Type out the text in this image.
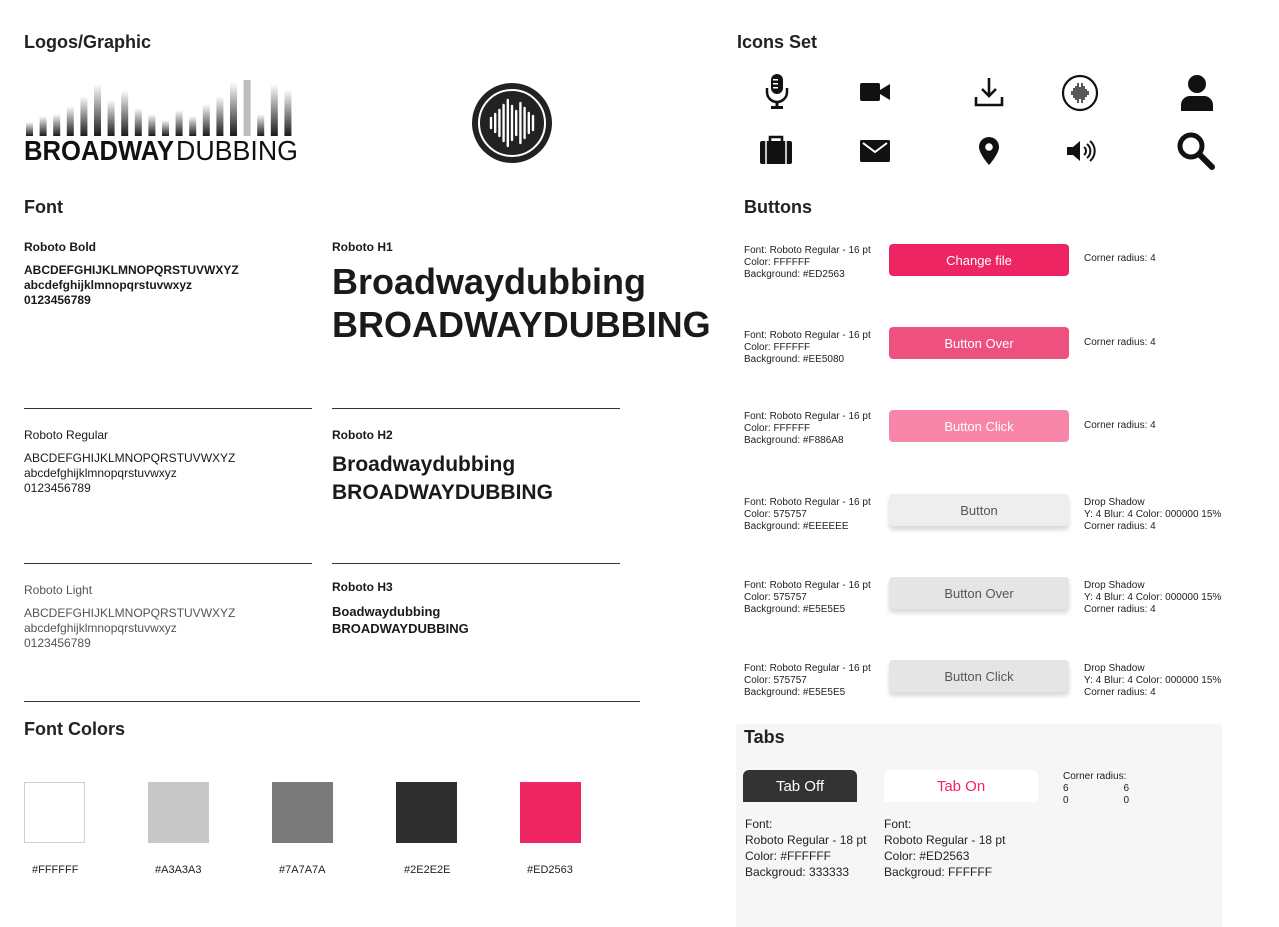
Logos/Graphic
BROADWAY DUBBING
Icons Set
Font
Roboto Bold
ABCDEFGHIJKLMNOPQRSTUVWXYZ
abcdefghijklmnopqrstuvwxyz
0123456789
Roboto H1
Broadwaydubbing
BROADWAYDUBBING
Roboto Regular
ABCDEFGHIJKLMNOPQRSTUVWXYZ
abcdefghijklmnopqrstuvwxyz
0123456789
Roboto H2
Broadwaydubbing
BROADWAYDUBBING
Roboto Light
ABCDEFGHIJKLMNOPQRSTUVWXYZ
abcdefghijklmnopqrstuvwxyz
0123456789
Roboto H3
Boadwaydubbing
BROADWAYDUBBING
Font Colors
#FFFFFF	#A3A3A3	#7A7A7A	#2E2E2E	#ED2563
Buttons
Font: Roboto Regular - 16 pt
Color: FFFFFF
Background: #ED2563
Change file	Corner radius: 4
Font: Roboto Regular - 16 pt
Color: FFFFFF
Background: #EE5080
Button Over	Corner radius: 4
Font: Roboto Regular - 16 pt
Color: FFFFFF
Background: #F886A8
Button Click	Corner radius: 4
Font: Roboto Regular - 16 pt
Color: 575757
Background: #EEEEEE
Button	Drop Shadow
Y: 4 Blur: 4 Color: 000000 15%
Corner radius: 4
Font: Roboto Regular - 16 pt
Color: 575757
Background: #E5E5E5
Button Over	Drop Shadow
Y: 4 Blur: 4 Color: 000000 15%
Corner radius: 4
Font: Roboto Regular - 16 pt
Color: 575757
Background: #E5E5E5
Button Click	Drop Shadow
Y: 4 Blur: 4 Color: 000000 15%
Corner radius: 4
Tabs
Tab Off	Tab On
Corner radius:
6	6
0	0
Font:
Roboto Regular - 18 pt
Color: #FFFFFF
Backgroud: 333333
Font:
Roboto Regular - 18 pt
Color: #ED2563
Backgroud: FFFFFF
